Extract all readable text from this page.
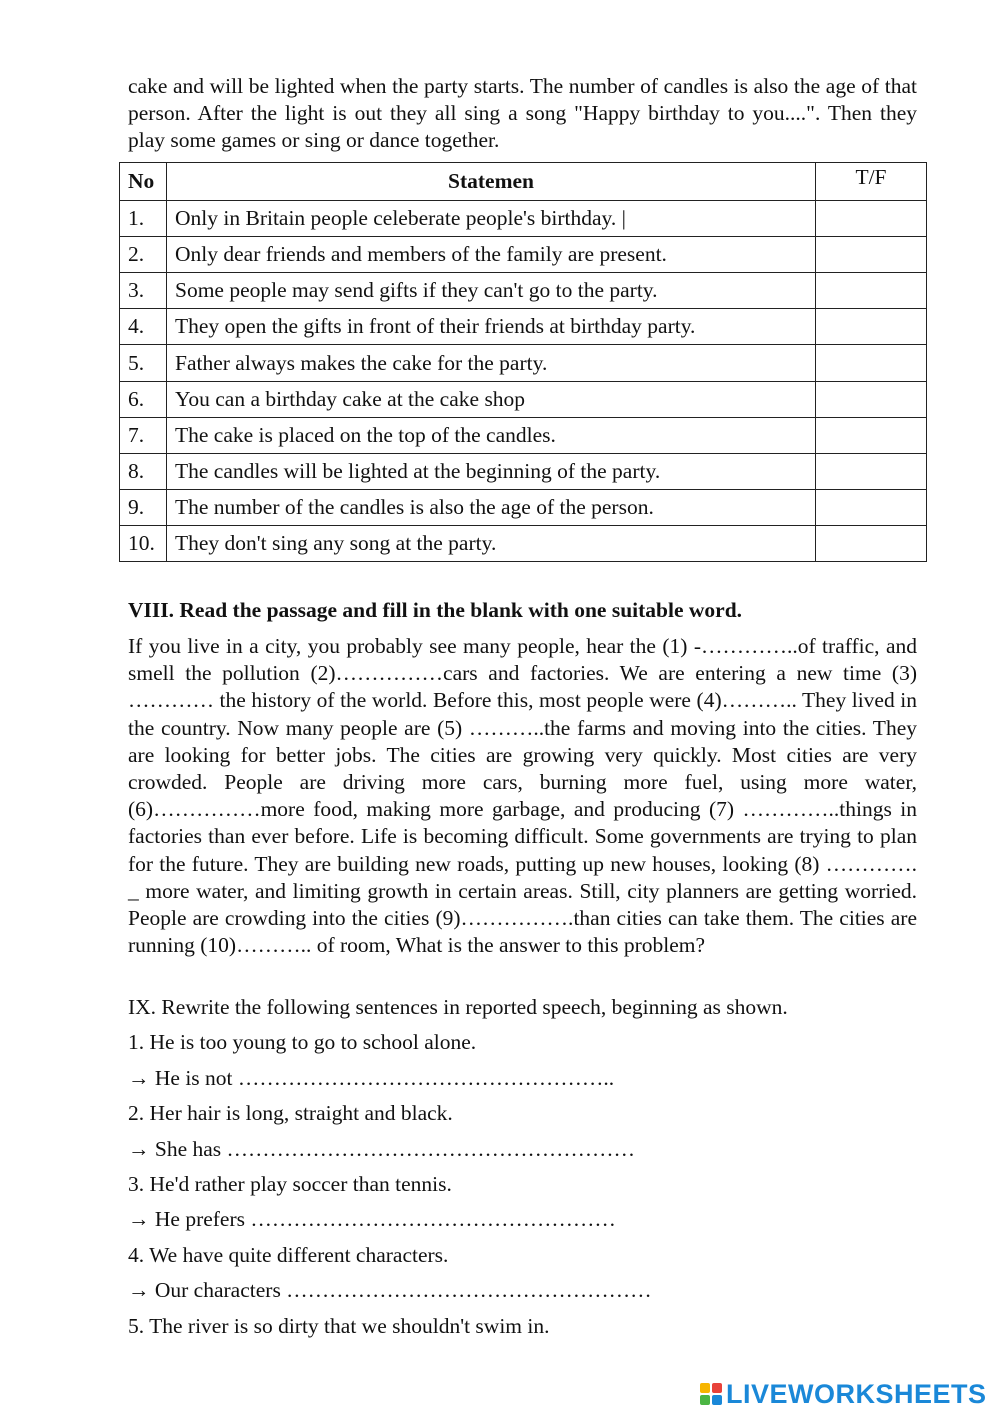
cake and will be lighted when the party starts. The number of candles is also the age of that person. After the light is out they all sing a song "Happy birthday to you....". Then they play some games or sing or dance together.

No	Statemen	T/F
1.	Only in Britain people celeberate people's birthday. |	
2.	Only dear friends and members of the family are present.	
3.	Some people may send gifts if they can't go to the party.	
4.	They open the gifts in front of their friends at birthday party.	
5.	Father always makes the cake for the party.	
6.	You can a birthday cake at the cake shop	
7.	The cake is placed on the top of the candles.	
8.	The candles will be lighted at the beginning of the party.	
9.	The number of the candles is also the age of the person.	
10.	They don't sing any song at the party.	
VIII. Read the passage and fill in the blank with one suitable word.

If you live in a city, you probably see many people, hear the (1) -…………..of traffic, and smell the pollution (2)……………cars and factories. We are entering a new time (3) ………… the history of the world. Before this, most people were (4)……….. They lived in the country. Now many people are (5) ………..the farms and moving into the cities. They are looking for better jobs. The cities are growing very quickly. Most cities are very crowded. People are driving more cars, burning more fuel, using more water, (6)……………more food, making more garbage, and producing (7) …………..things in factories than ever before. Life is becoming difficult. Some governments are trying to plan for the future. They are building new roads, putting up new houses, looking (8) …………. _ more water, and limiting growth in certain areas. Still, city planners are getting worried. People are crowding into the cities (9)…………….than cities can take them. The cities are running (10)……….. of room, What is the answer to this problem?

IX. Rewrite the following sentences in reported speech, beginning as shown.
1. He is too young to go to school alone.
→ He is not ……………………………………………..
2. Her hair is long, straight and black.
→ She has …………………………………………………
3. He'd rather play soccer than tennis.
→ He prefers ……………………………………………
4. We have quite different characters.
→ Our characters ……………………………………………
5. The river is so dirty that we shouldn't swim in.
LIVEWORKSHEETS
